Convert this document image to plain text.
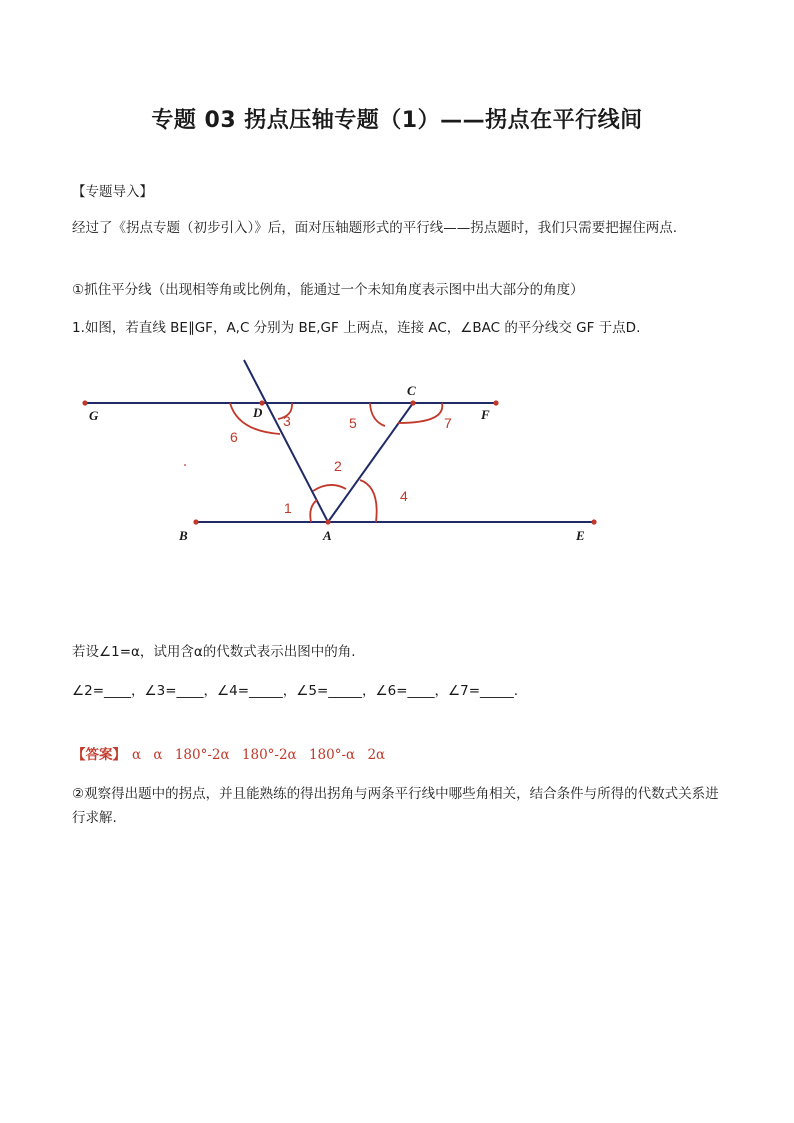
专题 03 拐点压轴专题（1）——拐点在平行线间
【专题导入】
经过了《拐点专题（初步引入）》后，面对压轴题形式的平行线——拐点题时，我们只需要把握住两点.
①抓住平分线（出现相等角或比例角，能通过一个未知角度表示图中出大部分的角度）
1.如图，若直线 BE∥GF，A,C 分别为 BE,GF 上两点，连接 AC，∠BAC 的平分线交 GF 于点D.
G	D
C
F
B	A	E
3
6
5	7
2
1
4
若设∠1=α，试用含α的代数式表示出图中的角.
∠2=____，∠3=____，∠4=_____，∠5=_____，∠6=____，∠7=_____.
【答案】 α α 180°-2α 180°-2α 180°-α 2α
②观察得出题中的拐点，并且能熟练的得出拐角与两条平行线中哪些角相关，结合条件与所得的代数式关系进行求解.
